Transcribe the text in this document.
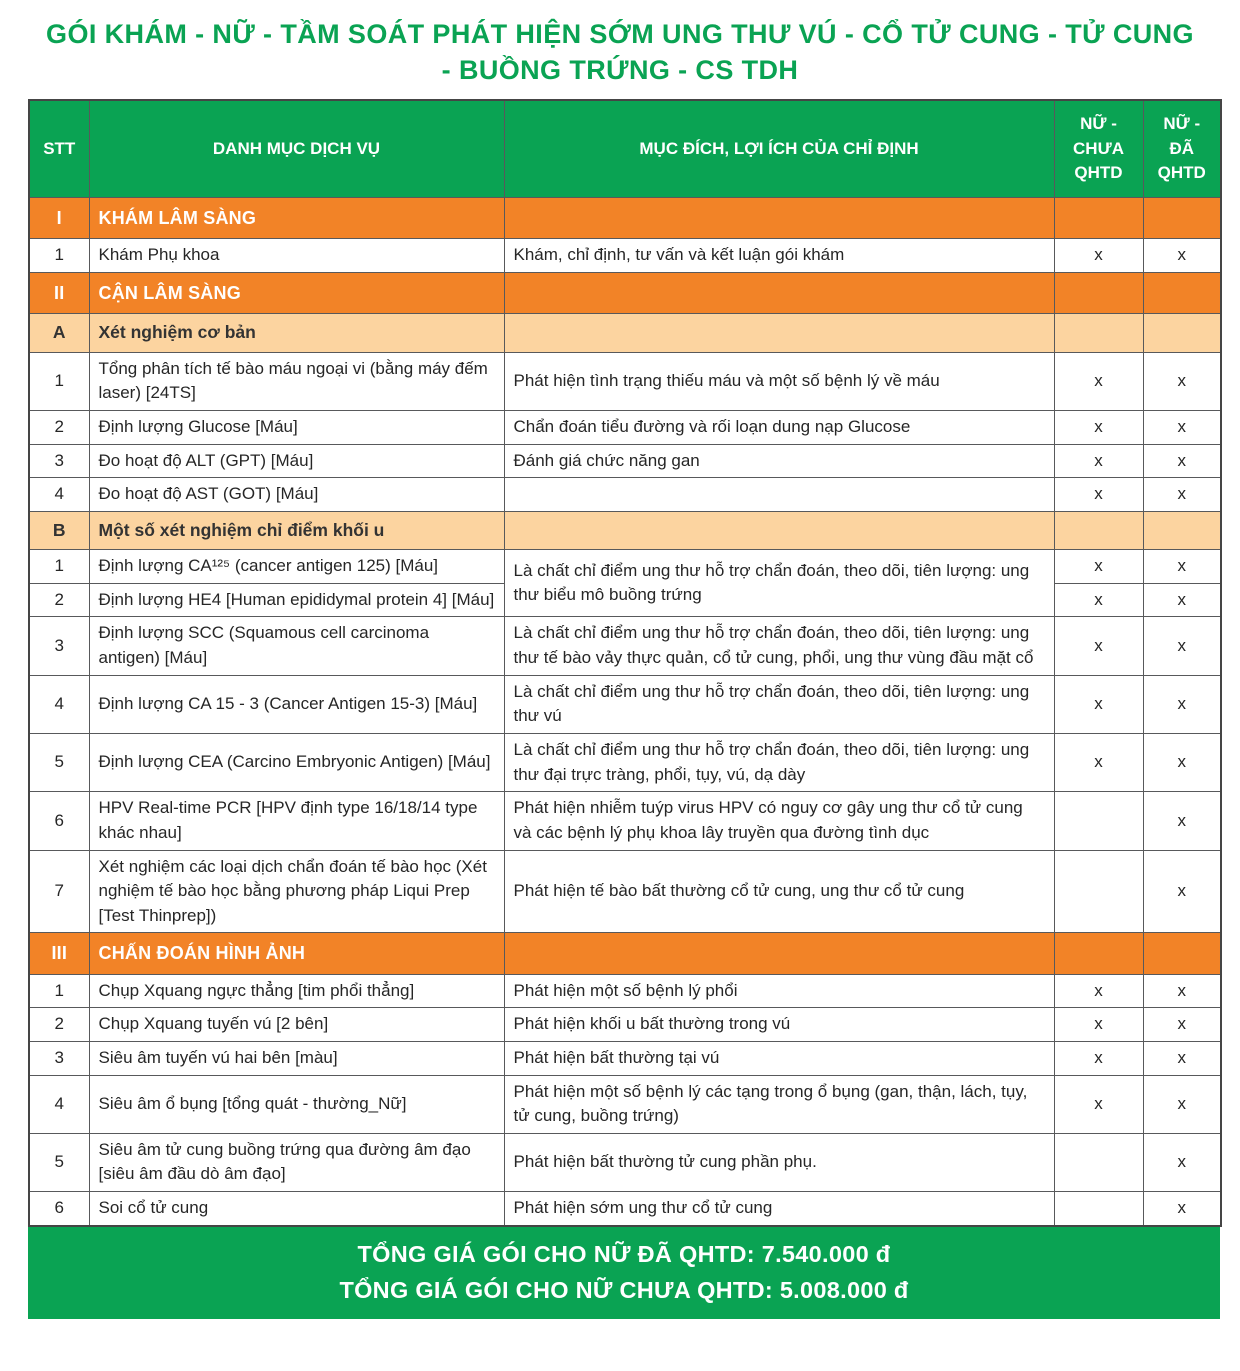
GÓI KHÁM - NỮ - TẦM SOÁT PHÁT HIỆN SỚM UNG THƯ VÚ - CỔ TỬ CUNG - TỬ CUNG - BUỒNG TRỨNG - CS TDH
STT	DANH MỤC DỊCH VỤ	MỤC ĐÍCH, LỢI ÍCH CỦA CHỈ ĐỊNH	NỮ - CHƯA QHTD	NỮ - ĐÃ QHTD
I	KHÁM LÂM SÀNG			
1	Khám Phụ khoa	Khám, chỉ định, tư vấn và kết luận gói khám	x	x
II	CẬN LÂM SÀNG			
A	Xét nghiệm cơ bản			
1	Tổng phân tích tế bào máu ngoại vi (bằng máy đếm laser) [24TS]	Phát hiện tình trạng thiếu máu và một số bệnh lý về máu	x	x
2	Định lượng Glucose [Máu]	Chẩn đoán tiểu đường và rối loạn dung nạp Glucose	x	x
3	Đo hoạt độ ALT (GPT) [Máu]	Đánh giá chức năng gan	x	x
4	Đo hoạt độ AST (GOT) [Máu]		x	x
B	Một số xét nghiệm chỉ điểm khối u			
1	Định lượng CA¹²⁵ (cancer antigen 125) [Máu]	Là chất chỉ điểm ung thư hỗ trợ chẩn đoán, theo dõi, tiên lượng: ung thư biểu mô buồng trứng	x	x
2	Định lượng HE4 [Human epididymal protein 4] [Máu]		x	x
3	Định lượng SCC (Squamous cell carcinoma antigen) [Máu]	Là chất chỉ điểm ung thư hỗ trợ chẩn đoán, theo dõi, tiên lượng: ung thư tế bào vảy thực quản, cổ tử cung, phổi, ung thư vùng đầu mặt cổ	x	x
4	Định lượng CA 15 - 3 (Cancer Antigen 15-3) [Máu]	Là chất chỉ điểm ung thư hỗ trợ chẩn đoán, theo dõi, tiên lượng: ung thư vú	x	x
5	Định lượng CEA (Carcino Embryonic Antigen) [Máu]	Là chất chỉ điểm ung thư hỗ trợ chẩn đoán, theo dõi, tiên lượng: ung thư đại trực tràng, phổi, tụy, vú, dạ dày	x	x
6	HPV Real-time PCR [HPV định type 16/18/14 type khác nhau]	Phát hiện nhiễm tuýp virus HPV có nguy cơ gây ung thư cổ tử cung và các bệnh lý phụ khoa lây truyền qua đường tình dục		x
7	Xét nghiệm các loại dịch chẩn đoán tế bào học (Xét nghiệm tế bào học bằng phương pháp Liqui Prep [Test Thinprep])	Phát hiện tế bào bất thường cổ tử cung, ung thư cổ tử cung		x
III	CHẤN ĐOÁN HÌNH ẢNH			
1	Chụp Xquang ngực thẳng [tim phổi thẳng]	Phát hiện một số bệnh lý phổi	x	x
2	Chụp Xquang tuyến vú [2 bên]	Phát hiện khối u bất thường trong vú	x	x
3	Siêu âm tuyến vú hai bên [màu]	Phát hiện bất thường tại vú	x	x
4	Siêu âm ổ bụng [tổng quát - thường_Nữ]	Phát hiện một số bệnh lý các tạng trong ổ bụng (gan, thận, lách, tụy, tử cung, buồng trứng)	x	x
5	Siêu âm tử cung buồng trứng qua đường âm đạo [siêu âm đầu dò âm đạo]	Phát hiện bất thường tử cung phần phụ.		x
6	Soi cổ tử cung	Phát hiện sớm ung thư cổ tử cung		x
TỔNG GIÁ GÓI CHO NỮ ĐÃ QHTD: 7.540.000 đ
TỔNG GIÁ GÓI CHO NỮ CHƯA QHTD: 5.008.000 đ
